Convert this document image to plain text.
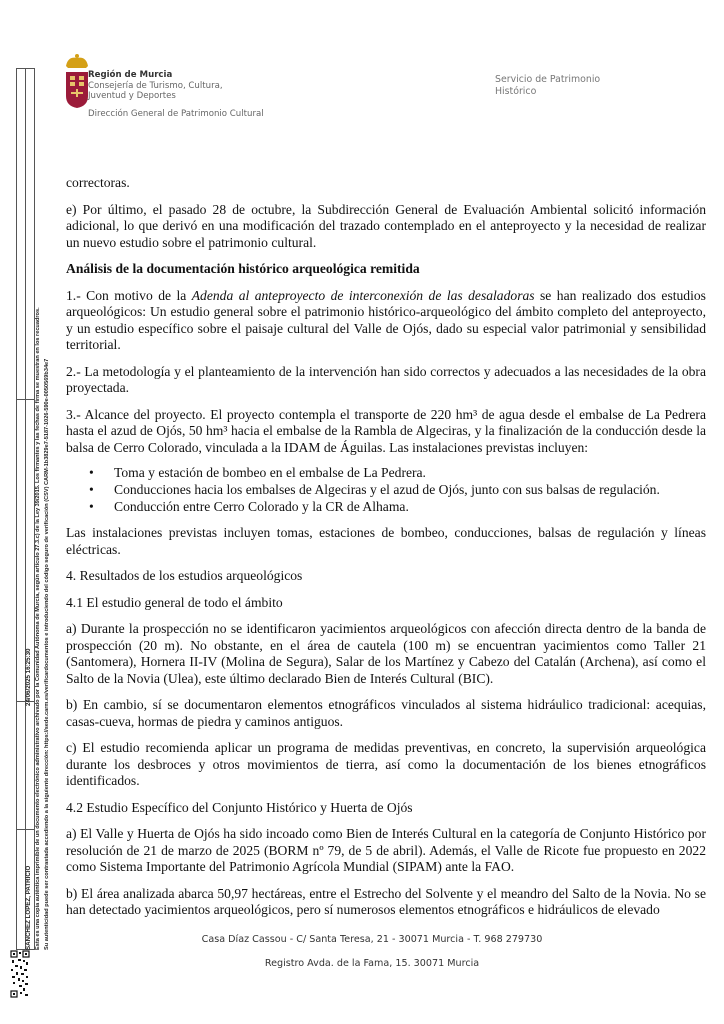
Región de Murcia
Consejería de Turismo, Cultura,
Juventud y Deportes
Dirección General de Patrimonio Cultural
Servicio de Patrimonio
Histórico

correctoras.

e) Por último, el pasado 28 de octubre, la Subdirección General de Evaluación Ambiental solicitó información adicional, lo que derivó en una modificación del trazado contemplado en el anteproyecto y la necesidad de realizar un nuevo estudio sobre el patrimonio cultural.

Análisis de la documentación histórico arqueológica remitida

1.- Con motivo de la Adenda al anteproyecto de interconexión de las desaladoras se han realizado dos estudios arqueológicos: Un estudio general sobre el patrimonio histórico-arqueológico del ámbito completo del anteproyecto, y un estudio específico sobre el paisaje cultural del Valle de Ojós, dado su especial valor patrimonial y sensibilidad territorial.

2.- La metodología y el planteamiento de la intervención han sido correctos y adecuados a las necesidades de la obra proyectada.

3.- Alcance del proyecto. El proyecto contempla el transporte de 220 hm³ de agua desde el embalse de La Pedrera hasta el azud de Ojós, 50 hm³ hacia el embalse de la Rambla de Algeciras, y la finalización de la conducción desde la balsa de Cerro Colorado, vinculada a la IDAM de Águilas. Las instalaciones previstas incluyen:

• Toma y estación de bombeo en el embalse de La Pedrera.
• Conducciones hacia los embalses de Algeciras y el azud de Ojós, junto con sus balsas de regulación.
• Conducción entre Cerro Colorado y la CR de Alhama.

Las instalaciones previstas incluyen tomas, estaciones de bombeo, conducciones, balsas de regulación y líneas eléctricas.

4. Resultados de los estudios arqueológicos

4.1 El estudio general de todo el ámbito

a) Durante la prospección no se identificaron yacimientos arqueológicos con afección directa dentro de la banda de prospección (20 m). No obstante, en el área de cautela (100 m) se encuentran yacimientos como Taller 21 (Santomera), Hornera II-IV (Molina de Segura), Salar de los Martínez y Cabezo del Catalán (Archena), así como el Salto de la Novia (Ulea), este último declarado Bien de Interés Cultural (BIC).

b) En cambio, sí se documentaron elementos etnográficos vinculados al sistema hidráulico tradicional: acequias, casas-cueva, hormas de piedra y caminos antiguos.

c) El estudio recomienda aplicar un programa de medidas preventivas, en concreto, la supervisión arqueológica durante los desbroces y otros movimientos de tierra, así como la documentación de los bienes etnográficos identificados.

4.2 Estudio Específico del Conjunto Histórico y Huerta de Ojós

a) El Valle y Huerta de Ojós ha sido incoado como Bien de Interés Cultural en la categoría de Conjunto Histórico por resolución de 21 de marzo de 2025 (BORM nº 79, de 5 de abril). Además, el Valle de Ricote fue propuesto en 2022 como Sistema Importante del Patrimonio Agrícola Mundial (SIPAM) ante la FAO.

b) El área analizada abarca 50,97 hectáreas, entre el Estrecho del Solvente y el meandro del Salto de la Novia. No se han detectado yacimientos arqueológicos, pero sí numerosos elementos etnográficos e hidráulicos de elevado

Casa Díaz Cassou - C/ Santa Teresa, 21 - 30071 Murcia - T. 968 279730
Registro Avda. de la Fama, 15. 30071 Murcia
SANCHEZ LOPEZ, PATRICIO
24/06/2025 16:25:30 Esta es una copia auténtica imprimible de un documento electrónico administrativo archivado por la Comunidad Autónoma de Murcia, según artículo 27.3.c) de la Ley 39/2015. Los firmantes y las fechas de firma se muestran en los recuadros. Su autenticidad puede ser contrastada accediendo a la siguiente dirección: https://sede.carm.es/verificardocumentos e introduciendo del código seguro de verificación (CSV) CARM-1b3829e7-5187-1026-590e-0050569b34e7
